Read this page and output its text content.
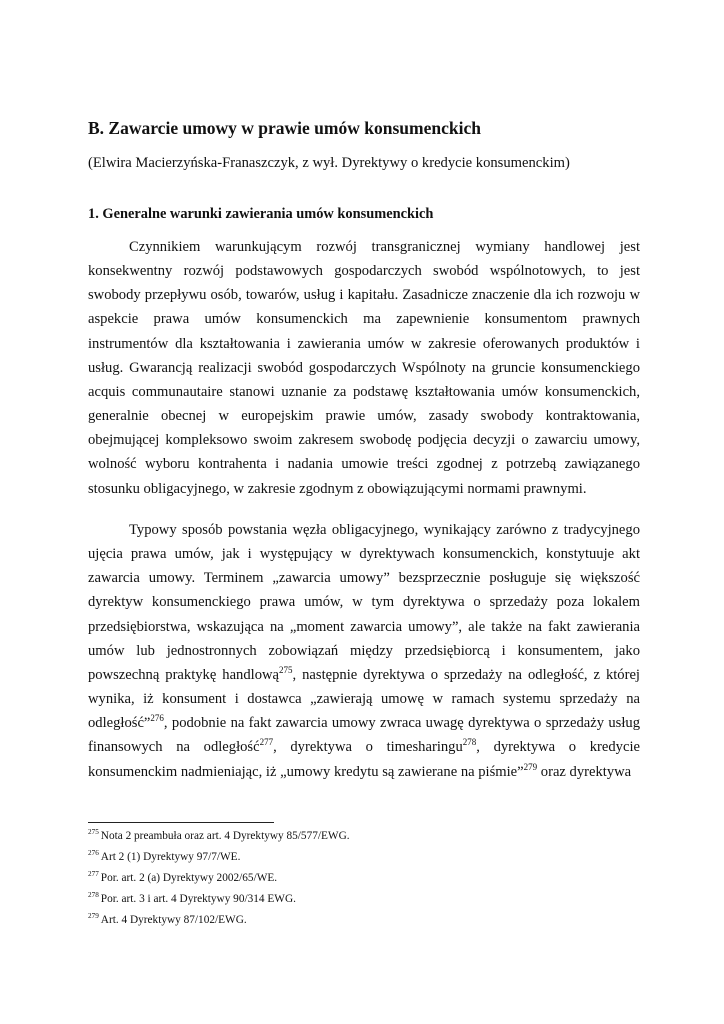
B. Zawarcie umowy w prawie umów konsumenckich

(Elwira Macierzyńska-Franaszczyk, z wył. Dyrektywy o kredycie konsumenckim)

1. Generalne warunki zawierania umów konsumenckich

Czynnikiem warunkującym rozwój transgranicznej wymiany handlowej jest konsekwentny rozwój podstawowych gospodarczych swobód wspólnotowych, to jest swobody przepływu osób, towarów, usług i kapitału. Zasadnicze znaczenie dla ich rozwoju w aspekcie prawa umów konsumenckich ma zapewnienie konsumentom prawnych instrumentów dla kształtowania i zawierania umów w zakresie oferowanych produktów i usług. Gwarancją realizacji swobód gospodarczych Wspólnoty na gruncie konsumenckiego acquis communautaire stanowi uznanie za podstawę kształtowania umów konsumenckich, generalnie obecnej w europejskim prawie umów, zasady swobody kontraktowania, obejmującej kompleksowo swoim zakresem swobodę podjęcia decyzji o zawarciu umowy, wolność wyboru kontrahenta i nadania umowie treści zgodnej z potrzebą zawiązanego stosunku obligacyjnego, w zakresie zgodnym z obowiązującymi normami prawnymi.

Typowy sposób powstania węzła obligacyjnego, wynikający zarówno z tradycyjnego ujęcia prawa umów, jak i występujący w dyrektywach konsumenckich, konstytuuje akt zawarcia umowy. Terminem „zawarcia umowy” bezsprzecznie posługuje się większość dyrektyw konsumenckiego prawa umów, w tym dyrektywa o sprzedaży poza lokalem przedsiębiorstwa, wskazująca na „moment zawarcia umowy”, ale także na fakt zawierania umów lub jednostronnych zobowiązań między przedsiębiorcą i konsumentem, jako powszechną praktykę handlową$^{275}$, następnie dyrektywa o sprzedaży na odległość, z której wynika, iż konsument i dostawca „zawierają umowę w ramach systemu sprzedaży na odległość”$^{276}$, podobnie na fakt zawarcia umowy zwraca uwagę dyrektywa o sprzedaży usług finansowych na odległość$^{277}$, dyrektywa o timesharingu$^{278}$, dyrektywa o kredycie konsumenckim nadmieniając, iż „umowy kredytu są zawierane na piśmie”$^{279}$ oraz dyrektywa

$^{275}$ Nota 2 preambuła oraz art. 4 Dyrektywy 85/577/EWG.
$^{276}$ Art 2 (1) Dyrektywy 97/7/WE.
$^{277}$ Por. art. 2 (a) Dyrektywy 2002/65/WE.
$^{278}$ Por. art. 3 i art. 4 Dyrektywy 90/314 EWG.
$^{279}$ Art. 4 Dyrektywy 87/102/EWG.
